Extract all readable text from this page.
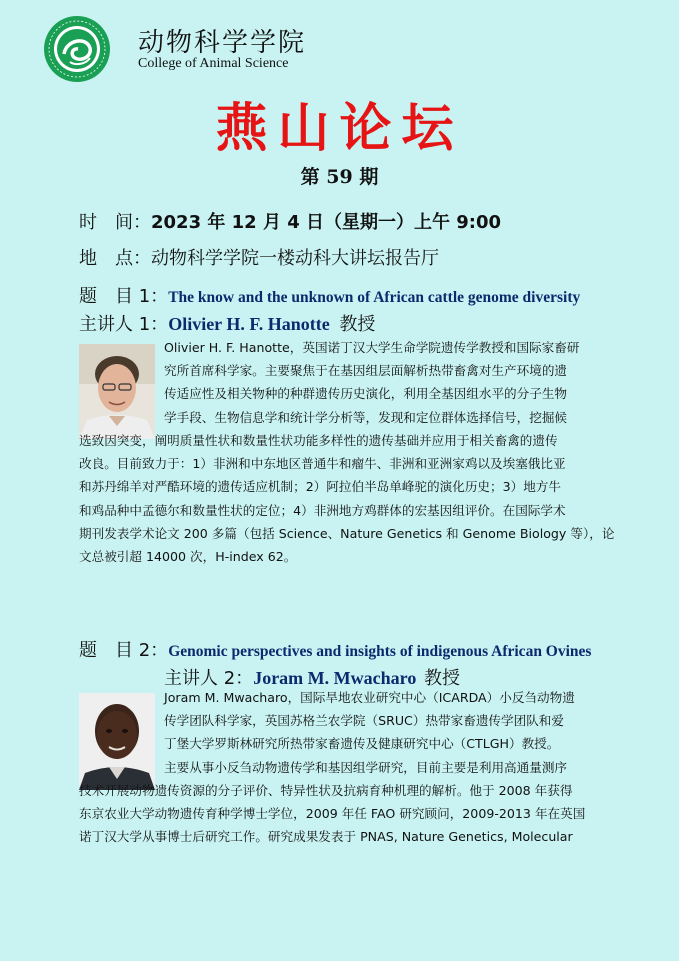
动物科学学院
College of Animal Science
燕山论坛
第 59 期
时　间：2023 年 12 月 4 日（星期一）上午 9:00
地　点：动物科学学院一楼动科大讲坛报告厅
题　目 1：The know and the unknown of African cattle genome diversity
主讲人 1：Olivier H. F. Hanotte 教授
Olivier H. F. Hanotte，英国诺丁汉大学生命学院遗传学教授和国际家畜研
究所首席科学家。主要聚焦于在基因组层面解析热带畜禽对生产环境的遗
传适应性及相关物种的种群遗传历史演化，利用全基因组水平的分子生物
学手段、生物信息学和统计学分析等，发现和定位群体选择信号，挖掘候
选致因突变，阐明质量性状和数量性状功能多样性的遗传基础并应用于相关畜禽的遗传
改良。目前致力于：1）非洲和中东地区普通牛和瘤牛、非洲和亚洲家鸡以及埃塞俄比亚
和苏丹绵羊对严酷环境的遗传适应机制；2）阿拉伯半岛单峰驼的演化历史；3）地方牛
和鸡品种中孟德尔和数量性状的定位；4）非洲地方鸡群体的宏基因组评价。在国际学术
期刊发表学术论文 200 多篇（包括 Science、Nature Genetics 和 Genome Biology 等），论
文总被引超 14000 次，H-index 62。
题　目 2：Genomic perspectives and insights of indigenous African Ovines
主讲人 2：Joram M. Mwacharo 教授
Joram M. Mwacharo，国际旱地农业研究中心（ICARDA）小反刍动物遗
传学团队科学家，英国苏格兰农学院（SRUC）热带家畜遗传学团队和爱
丁堡大学罗斯林研究所热带家畜遗传及健康研究中心（CTLGH）教授。
主要从事小反刍动物遗传学和基因组学研究，目前主要是利用高通量测序
技术开展动物遗传资源的分子评价、特异性状及抗病育种机理的解析。他于 2008 年获得
东京农业大学动物遗传育种学博士学位，2009 年任 FAO 研究顾问，2009-2013 年在英国
诺丁汉大学从事博士后研究工作。研究成果发表于 PNAS, Nature Genetics, Molecular
